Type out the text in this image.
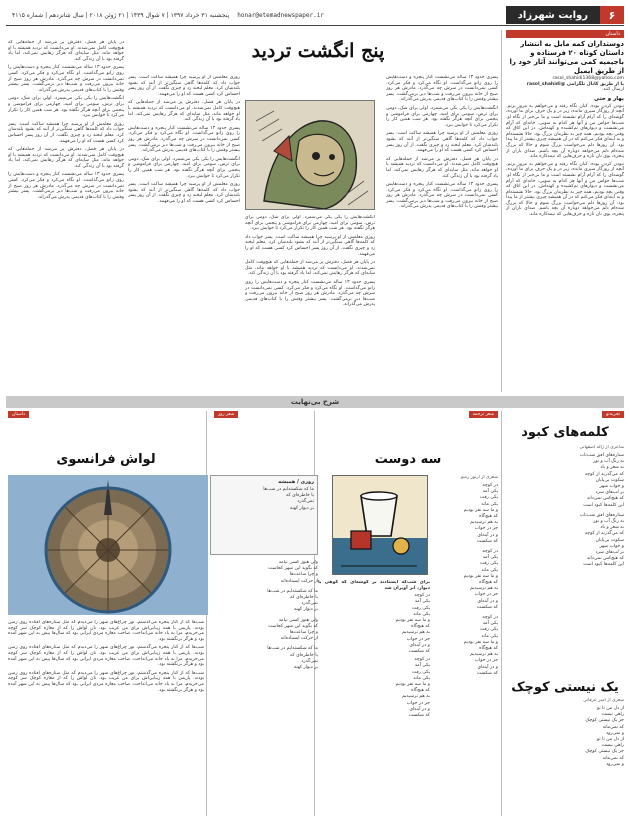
۶
روایت شهرزاد
honar@etemadnewspaper.ir
پنجشنبه ۳۱ خرداد ۱۳۹۷ | ۷ شوال ۱۴۳۹ | ۲۱ ژوئن ۲۰۱۸ | سال شانزدهم | شماره ۴۱۱۵
داستان
دوستداران کمه مایل به انتشار داستان کوتاه ۲۰ فرستاده و باجیمیه کمی می‌توانند آثار خود را از طریق ایمیل
rasol_shahidi1368@yahoo.com
یا از طریق کانال تلگرامی @rasol_shahidi
ارسال کنند.
بهار و ختی
نبودن کردن بوده. کیان نگاه رفته و می‌خواهم به مرور بزنم. آنچه از روزگار سپری مانده، زیر در و یک حرف برای ما آورده، گوشه‌ای را که آرام آرام نشسته است و ما بی‌خبر از نگاه او. شب‌ها حواس من و آنها هر کدام به سویی. خانه‌ای که آرام می‌نشست و دیوارهای نم‌کشیده و کهنه‌اش. در این اتاق که وقتی بچه بودیم، همه چیز به نظرمان بزرگ بود. حالا نشسته‌ام و به آینه‌ای فکر می‌کنم که در آن همیشه چیزی بیشتر از ما پیدا بود. آن روزها دلم می‌خواست بزرگ شوم و حالا که بزرگ شده‌ام دلم می‌خواهد دوباره آن بچه باشم. صدای باران از پنجره، بوی نان تازه و حرف‌هایی که نیمه‌کاره ماند.
نبودن کردن بوده. کیان نگاه رفته و می‌خواهم به مرور بزنم. آنچه از روزگار سپری مانده، زیر در و یک حرف برای ما آورده، گوشه‌ای را که آرام آرام نشسته است و ما بی‌خبر از نگاه او. شب‌ها حواس من و آنها هر کدام به سویی. خانه‌ای که آرام می‌نشست و دیوارهای نم‌کشیده و کهنه‌اش. در این اتاق که وقتی بچه بودیم، همه چیز به نظرمان بزرگ بود. حالا نشسته‌ام و به آینه‌ای فکر می‌کنم که در آن همیشه چیزی بیشتر از ما پیدا بود. آن روزها دلم می‌خواست بزرگ شوم و حالا که بزرگ شده‌ام دلم می‌خواهد دوباره آن بچه باشم. صدای باران از پنجره، بوی نان تازه و حرف‌هایی که نیمه‌کاره ماند.
پنج انگشت تردید
پسری حدود ۱۳ ساله می‌نشست کنار پنجره و دست‌هایش را روی زانو می‌گذاشت. او نگاه می‌کرد و فکر می‌کرد. کسی نمی‌دانست در سرش چه می‌گذرد. مادرش هر روز صبح از خانه بیرون می‌رفت و شب‌ها دیر برمی‌گشت. پسر بیشتر وقتش را با کتاب‌های قدیمی پدرش می‌گذراند.
انگشت‌هایش را یکی یکی می‌شمرد. اولی برای شک، دومی برای ترس، سومی برای امید، چهارمی برای فراموشی و پنجمی برای آنچه هرگز نگفته بود. هر شب همین کار را تکرار می‌کرد تا خوابش ببرد.
روزی معلمش از او پرسید چرا همیشه ساکت است. پسر جواب داد که کلمه‌ها گاهی سنگین‌تر از آنند که بشود بلندشان کرد. معلم لبخند زد و چیزی نگفت. از آن روز پسر احساس کرد کسی هست که او را می‌فهمد.
در پایان هر فصل، دفترش پر می‌شد از جمله‌هایی که هیچ‌وقت کامل نمی‌شدند. او می‌دانست که تردید همیشه با او خواهد ماند، مثل سایه‌ای که هرگز رهایش نمی‌کند، اما یاد گرفته بود با آن زندگی کند.
پسری حدود ۱۳ ساله می‌نشست کنار پنجره و دست‌هایش را روی زانو می‌گذاشت. او نگاه می‌کرد و فکر می‌کرد. کسی نمی‌دانست در سرش چه می‌گذرد. مادرش هر روز صبح از خانه بیرون می‌رفت و شب‌ها دیر برمی‌گشت. پسر بیشتر وقتش را با کتاب‌های قدیمی پدرش می‌گذراند.
انگشت‌هایش را یکی یکی می‌شمرد. اولی برای شک، دومی برای ترس، سومی برای امید، چهارمی برای فراموشی و پنجمی برای آنچه هرگز نگفته بود. هر شب همین کار را تکرار می‌کرد تا خوابش ببرد.
روزی معلمش از او پرسید چرا همیشه ساکت است. پسر جواب داد که کلمه‌ها گاهی سنگین‌تر از آنند که بشود بلندشان کرد. معلم لبخند زد و چیزی نگفت. از آن روز پسر احساس کرد کسی هست که او را می‌فهمد.
در پایان هر فصل، دفترش پر می‌شد از جمله‌هایی که هیچ‌وقت کامل نمی‌شدند. او می‌دانست که تردید همیشه با او خواهد ماند، مثل سایه‌ای که هرگز رهایش نمی‌کند، اما یاد گرفته بود با آن زندگی کند.
پسری حدود ۱۳ ساله می‌نشست کنار پنجره و دست‌هایش را روی زانو می‌گذاشت. او نگاه می‌کرد و فکر می‌کرد. کسی نمی‌دانست در سرش چه می‌گذرد. مادرش هر روز صبح از خانه بیرون می‌رفت و شب‌ها دیر برمی‌گشت. پسر بیشتر وقتش را با کتاب‌های قدیمی پدرش می‌گذراند.
روزی معلمش از او پرسید چرا همیشه ساکت است. پسر جواب داد که کلمه‌ها گاهی سنگین‌تر از آنند که بشود بلندشان کرد. معلم لبخند زد و چیزی نگفت. از آن روز پسر احساس کرد کسی هست که او را می‌فهمد.
در پایان هر فصل، دفترش پر می‌شد از جمله‌هایی که هیچ‌وقت کامل نمی‌شدند. او می‌دانست که تردید همیشه با او خواهد ماند، مثل سایه‌ای که هرگز رهایش نمی‌کند، اما یاد گرفته بود با آن زندگی کند.
پسری حدود ۱۳ ساله می‌نشست کنار پنجره و دست‌هایش را روی زانو می‌گذاشت. او نگاه می‌کرد و فکر می‌کرد. کسی نمی‌دانست در سرش چه می‌گذرد. مادرش هر روز صبح از خانه بیرون می‌رفت و شب‌ها دیر برمی‌گشت. پسر بیشتر وقتش را با کتاب‌های قدیمی پدرش می‌گذراند.
انگشت‌هایش را یکی یکی می‌شمرد. اولی برای شک، دومی برای ترس، سومی برای امید، چهارمی برای فراموشی و پنجمی برای آنچه هرگز نگفته بود. هر شب همین کار را تکرار می‌کرد تا خوابش ببرد.
روزی معلمش از او پرسید چرا همیشه ساکت است. پسر جواب داد که کلمه‌ها گاهی سنگین‌تر از آنند که بشود بلندشان کرد. معلم لبخند زد و چیزی نگفت. از آن روز پسر احساس کرد کسی هست که او را می‌فهمد.
در پایان هر فصل، دفترش پر می‌شد از جمله‌هایی که هیچ‌وقت کامل نمی‌شدند. او می‌دانست که تردید همیشه با او خواهد ماند، مثل سایه‌ای که هرگز رهایش نمی‌کند، اما یاد گرفته بود با آن زندگی کند.
پسری حدود ۱۳ ساله می‌نشست کنار پنجره و دست‌هایش را روی زانو می‌گذاشت. او نگاه می‌کرد و فکر می‌کرد. کسی نمی‌دانست در سرش چه می‌گذرد. مادرش هر روز صبح از خانه بیرون می‌رفت و شب‌ها دیر برمی‌گشت. پسر بیشتر وقتش را با کتاب‌های قدیمی پدرش می‌گذراند.
انگشت‌هایش را یکی یکی می‌شمرد. اولی برای شک، دومی برای ترس، سومی برای امید، چهارمی برای فراموشی و پنجمی برای آنچه هرگز نگفته بود. هر شب همین کار را تکرار می‌کرد تا خوابش ببرد.
روزی معلمش از او پرسید چرا همیشه ساکت است. پسر جواب داد که کلمه‌ها گاهی سنگین‌تر از آنند که بشود بلندشان کرد. معلم لبخند زد و چیزی نگفت. از آن روز پسر احساس کرد کسی هست که او را می‌فهمد.
در پایان هر فصل، دفترش پر می‌شد از جمله‌هایی که هیچ‌وقت کامل نمی‌شدند. او می‌دانست که تردید همیشه با او خواهد ماند، مثل سایه‌ای که هرگز رهایش نمی‌کند، اما یاد گرفته بود با آن زندگی کند.
پسری حدود ۱۳ ساله می‌نشست کنار پنجره و دست‌هایش را روی زانو می‌گذاشت. او نگاه می‌کرد و فکر می‌کرد. کسی نمی‌دانست در سرش چه می‌گذرد. مادرش هر روز صبح از خانه بیرون می‌رفت و شب‌ها دیر برمی‌گشت. پسر بیشتر وقتش را با کتاب‌های قدیمی پدرش می‌گذراند.
شرح بی‌نهایت
تجربه‌نو
کلمه‌های کبود
شاعری از ژاله اصفهانی
ستاره‌های افق شب‌تاب
به رنگ آب و نور
به شعر و باد
که می‌گذرند از کوچه
سکوت بی‌پایان
و خواب شهر
بر لب‌های سرد
که هیچ‌کس نمی‌داند
این کلمه‌ها کبود است
ستاره‌های افق شب‌تاب
به رنگ آب و نور
به شعر و باد
که می‌گذرند از کوچه
سکوت بی‌پایان
و خواب شهر
بر لب‌های سرد
که هیچ‌کس نمی‌داند
این کلمه‌ها کبود است
یک نیستی کوچک
شعری از امیر عرفانی
از دل من تا تو
راهی نیست
جز یک نیستی کوچک
که نمی‌ماند
و نمی‌رود
از دل من تا تو
راهی نیست
جز یک نیستی کوچک
که نمی‌ماند
و نمی‌رود
شعر ترجمه
سه دوست
شعری از ارتور رمبو
در کوچه
یکی آمد
یکی رفت
یکی ماند
و ما سه نفر بودیم
که هیچ‌گاه
به هم نرسیدیم
جز در خواب
و در آینه‌ای
که شکست
در کوچه
یکی آمد
یکی رفت
یکی ماند
و ما سه نفر بودیم
که هیچ‌گاه
به هم نرسیدیم
جز در خواب
و در آینه‌ای
که شکست
در کوچه
یکی آمد
یکی رفت
یکی ماند
و ما سه نفر بودیم
که هیچ‌گاه
به هم نرسیدیم
جز در خواب
و در آینه‌ای
که شکست
برای شب‌که ایستادند بر گوشه‌ای که کوهی با دیوار،‌ ابر آویزان شد
در کوچه
یکی آمد
یکی رفت
یکی ماند
و ما سه نفر بودیم
که هیچ‌گاه
به هم نرسیدیم
جز در خواب
و در آینه‌ای
که شکست
در کوچه
یکی آمد
یکی رفت
یکی ماند
و ما سه نفر بودیم
که هیچ‌گاه
به هم نرسیدیم
جز در خواب
و در آینه‌ای
که شکست
شعر روز
روزی / همیشه
ما که شکسته‌ایم در شب‌ها
یا خاطره‌ای که
نمی‌گذرد
بر دیوار کهنه
ولی هنوز کسی نیامد
که بگوید این شهر کجاست
و چرا ساعت‌ها
از حرکت ایستاده‌اند
ما که شکسته‌ایم در شب‌ها
یا خاطره‌ای که
نمی‌گذرد
بر دیوار کهنه
ولی هنوز کسی نیامد
که بگوید این شهر کجاست
و چرا ساعت‌ها
از حرکت ایستاده‌اند
ما که شکسته‌ایم در شب‌ها
یا خاطره‌ای که
نمی‌گذرد
بر دیوار کهنه
داستان
لواش فرانسوی
شب‌ها که از کنار پنجره می‌گذشتم، نور چراغ‌های شهر را می‌دیدم که مثل ستاره‌های افتاده روی زمین بودند. پاریس با همه زیبایی‌اش برای من غریب بود. نان لواش را که از مغازه کوچک سر کوچه می‌خریدم، مرا به یاد خانه می‌انداخت. صاحب مغازه مردی ایرانی بود که سال‌ها پیش به این شهر آمده بود و هرگز برنگشته بود.
شب‌ها که از کنار پنجره می‌گذشتم، نور چراغ‌های شهر را می‌دیدم که مثل ستاره‌های افتاده روی زمین بودند. پاریس با همه زیبایی‌اش برای من غریب بود. نان لواش را که از مغازه کوچک سر کوچه می‌خریدم، مرا به یاد خانه می‌انداخت. صاحب مغازه مردی ایرانی بود که سال‌ها پیش به این شهر آمده بود و هرگز برنگشته بود.
شب‌ها که از کنار پنجره می‌گذشتم، نور چراغ‌های شهر را می‌دیدم که مثل ستاره‌های افتاده روی زمین بودند. پاریس با همه زیبایی‌اش برای من غریب بود. نان لواش را که از مغازه کوچک سر کوچه می‌خریدم، مرا به یاد خانه می‌انداخت. صاحب مغازه مردی ایرانی بود که سال‌ها پیش به این شهر آمده بود و هرگز برنگشته بود.
